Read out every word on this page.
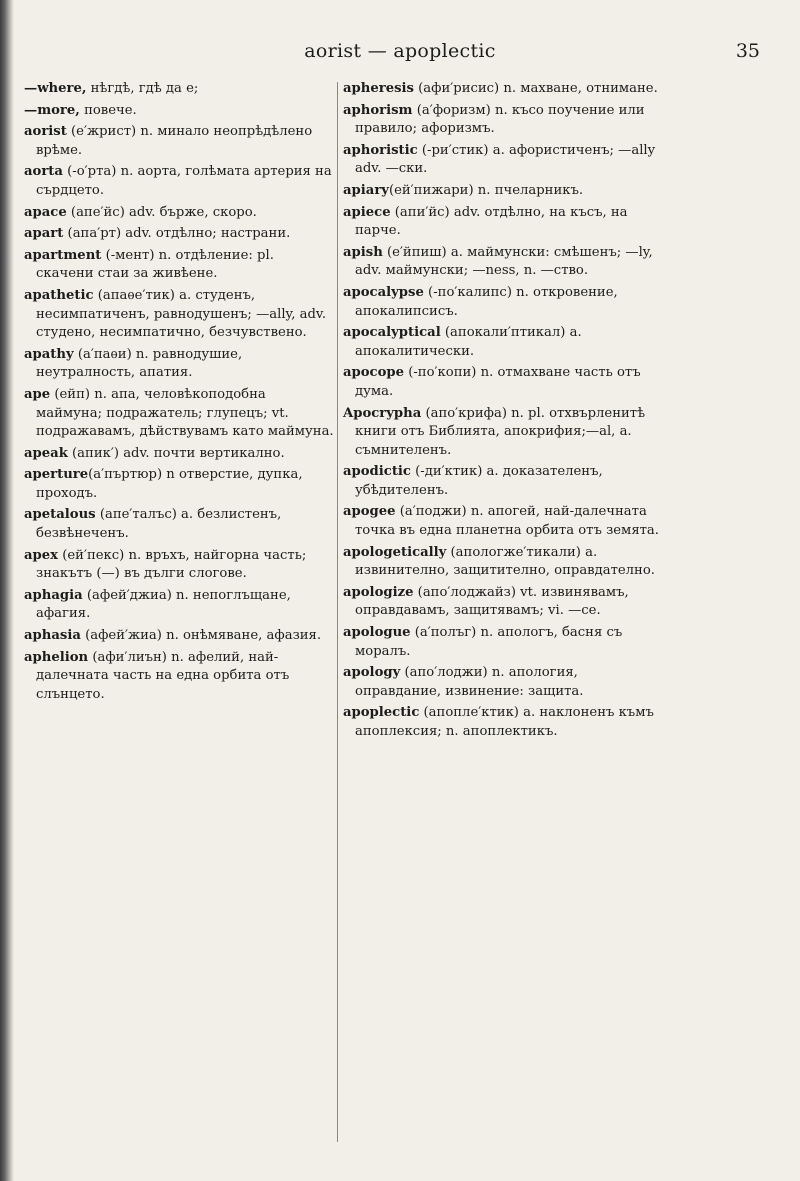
aorist — apoplectic	35
—where, нѣгдѣ, гдѣ да е;
—more, повече.
aorist (е′жрист) n. минало неопрѣдѣлено врѣме.
aorta (-о′рта) n. аорта, голѣмата артерия на сърдцето.
apace (апе′йс) adv. бърже, скоро.
apart (апа′рт) adv. отдѣлно; настрани.
apartment (-мент) n. отдѣление: pl. скачени стаи за живѣене.
apathetic (апаѳе′тик) a. студенъ, несимпатиченъ, равнодушенъ; —ally, adv. студено, несимпатично, безчувствено.
apathy (а′паѳи) n. равнодушие, неутралность, апатия.
ape (ейп) n. апа, человѣкоподобна маймуна; подражатель; глупецъ; vt. подражавамъ, дѣйствувамъ като маймуна.
apeak (апик′) adv. почти вертикално.
aperture(а′пъртюр) n отверстие, дупка, проходъ.
apetalous (апе′талъс) a. безлистенъ, безвѣнеченъ.
apex (ей′пекс) n. връхъ, найгорна часть; знакътъ (—) въ дълги слогове.
aphagia (афей′джиа) n. непоглъщане, афагия.
aphasia (афей′жиа) n. онѣмяване, афазия.
aphelion (афи′лиън) n. афелий, най-далечната часть на една орбита отъ слънцето.
apheresis (афи′рисис) n. махване, отнимане.
aphorism (а′форизм) n. късо поучение или правило; афоризмъ.
aphoristic (-ри′стик) a. афористиченъ; —ally adv. —ски.
apiary(ей′пижари) n. пчеларникъ.
apiece (апи′йс) adv. отдѣлно, на късъ, на парче.
apish (е′йпиш) a. маймунски: смѣшенъ; —ly, adv. маймунски; —ness, n. —ство.
apocalypse (-по′калипс) n. откровение, апокалипсисъ.
apocalyptical (апокали′птикал) a. апокалитически.
apocope (-по′копи) n. отмахване часть отъ дума.
Apocrypha (апо′крифа) n. pl. отхвърленитѣ книги отъ Библията, апокрифия;—al, a. съмнителенъ.
apodictic (-ди′ктик) a. доказателенъ, убѣдителенъ.
apogee (а′поджи) n. апогей, най-далечната точка въ една планетна орбита отъ земята.
apologetically (апологже′тикали) a. извинително, защитително, оправдателно.
apologize (апо′лоджайз) vt. извинявамъ, оправдавамъ, защитявамъ; vi. —се.
apologue (а′полъг) n. апологъ, басня съ моралъ.
apology (апо′лоджи) n. апология, оправдание, извинение: защита.
apoplectic (апопле′ктик) a. наклоненъ къмъ апоплексия; n. апоплектикъ.
